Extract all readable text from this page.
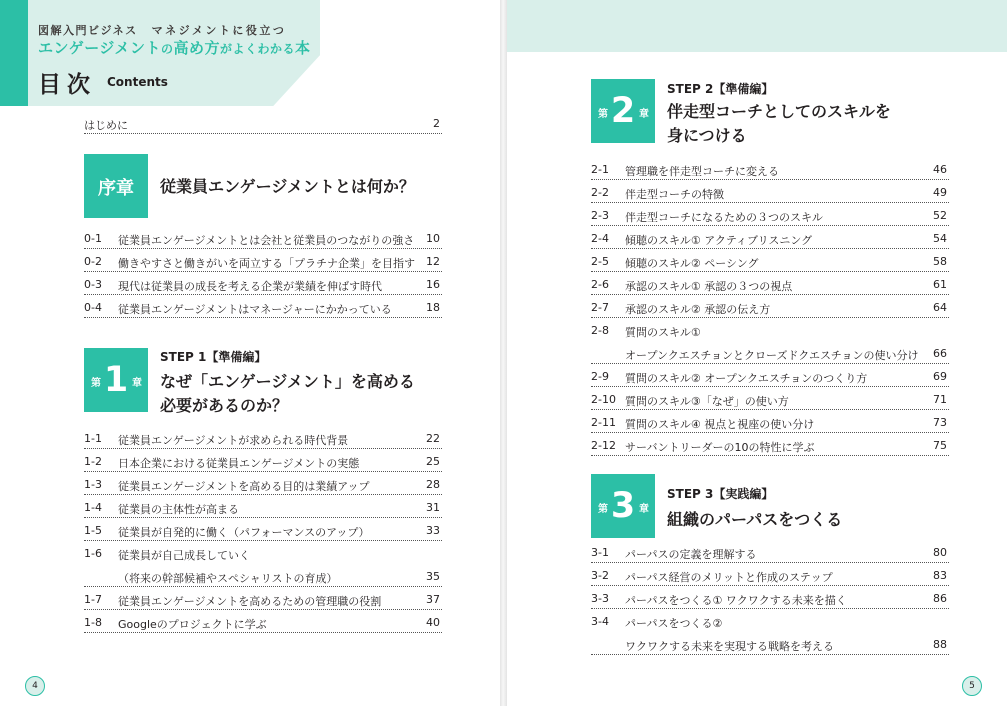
図解入門ビジネス マネジメントに役立つ
エンゲージメントの高め方がよくわかる本
目次 Contents
はじめに	2
序章	従業員エンゲージメントとは何か？
0-1 従業員エンゲージメントとは会社と従業員のつながりの強さ 10
0-2 働きやすさと働きがいを両立する「プラチナ企業」を目指す 12
0-3 現代は従業員の成長を考える企業が業績を伸ばす時代	16
0-4 従業員エンゲージメントはマネージャーにかかっている	18
第 1 章
STEP 1【準備編】
なぜ「エンゲージメント」を高める
必要があるのか？
1-1 従業員エンゲージメントが求められる時代背景	22
1-2 日本企業における従業員エンゲージメントの実態	25
1-3 従業員エンゲージメントを高める目的は業績アップ	28
1-4 従業員の主体性が高まる	31
1-5 従業員が自発的に働く（パフォーマンスのアップ）	33
1-6 従業員が自己成長していく
（将来の幹部候補やスペシャリストの育成）	35
1-7 従業員エンゲージメントを高めるための管理職の役割	37
1-8 Googleのプロジェクトに学ぶ	40
4
第 2 章
STEP 2【準備編】
伴走型コーチとしてのスキルを
身につける
2-1 管理職を伴走型コーチに変える	46
2-2 伴走型コーチの特徴	49
2-3 伴走型コーチになるための３つのスキル	52
2-4 傾聴のスキル① アクティブリスニング	54
2-5 傾聴のスキル② ペーシング	58
2-6 承認のスキル① 承認の３つの視点	61
2-7 承認のスキル② 承認の伝え方	64
2-8 質問のスキル①
オープンクエスチョンとクローズドクエスチョンの使い分け 66
2-9 質問のスキル② オープンクエスチョンのつくり方	69
2-10 質問のスキル③「なぜ」の使い方	71
2-11 質問のスキル④ 視点と視座の使い分け	73
2-12 サーバントリーダーの10の特性に学ぶ	75
第 3 章
STEP 3【実践編】
組織のパーパスをつくる
3-1 パーパスの定義を理解する	80
3-2 パーパス経営のメリットと作成のステップ	83
3-3 パーパスをつくる① ワクワクする未来を描く	86
3-4 パーパスをつくる②
ワクワクする未来を実現する戦略を考える	88
5
